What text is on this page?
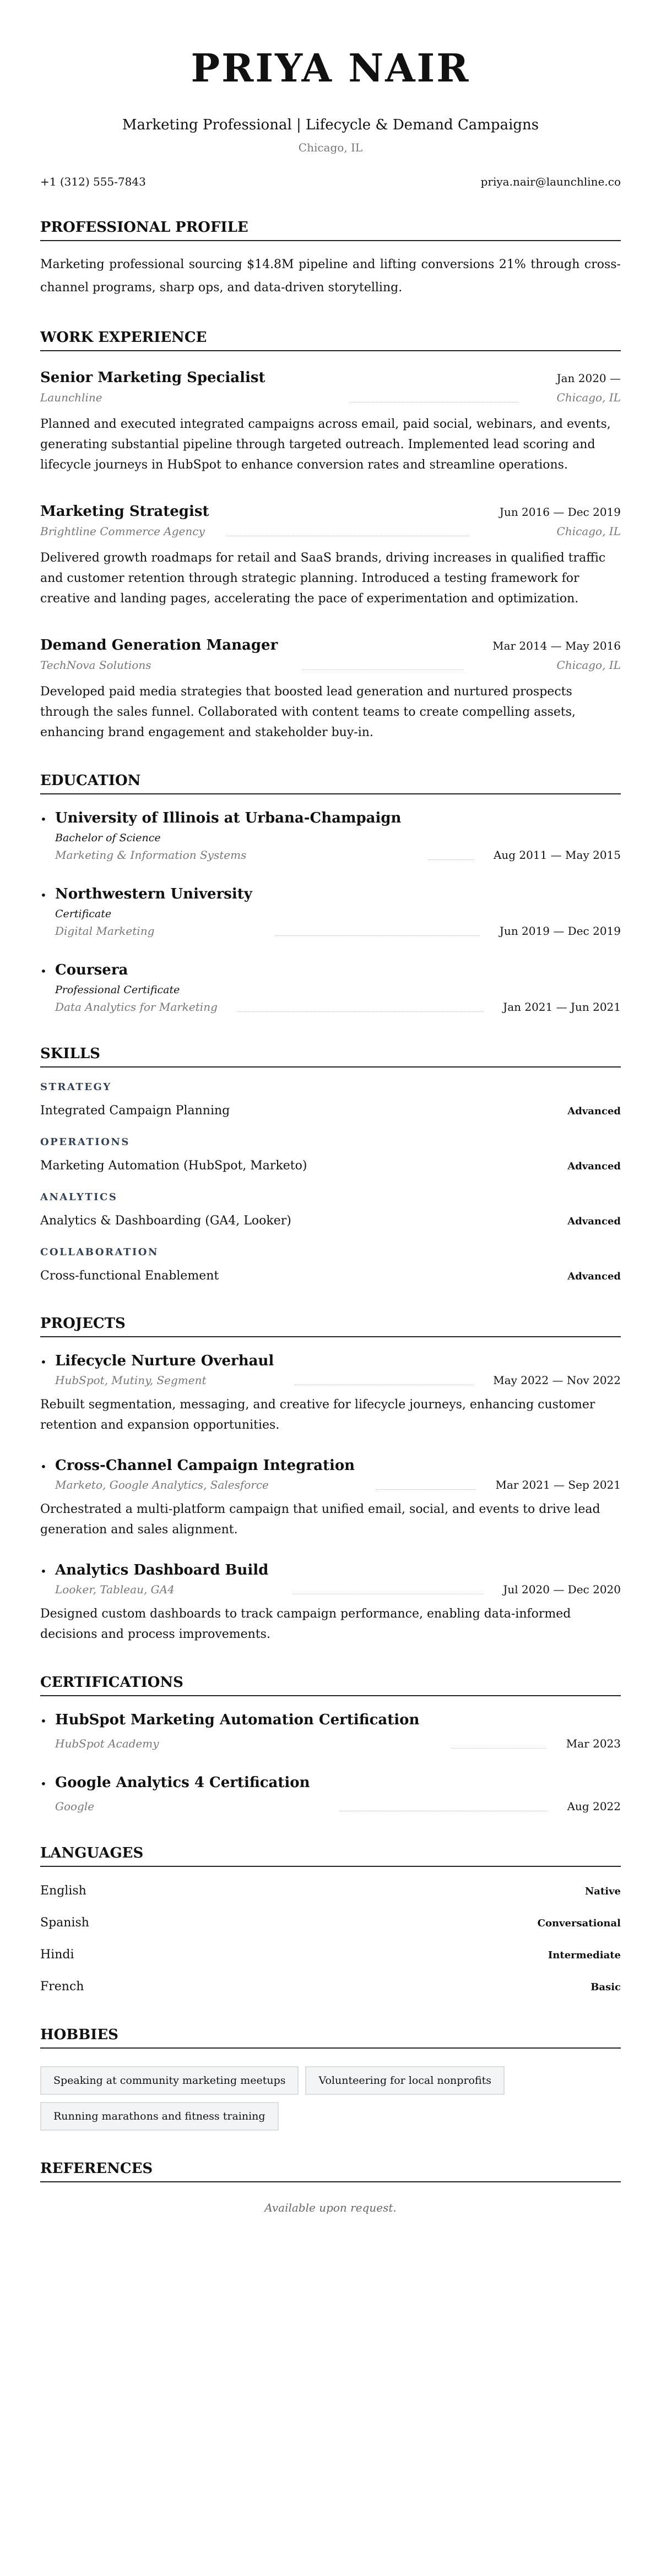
PRIYA NAIR
Marketing Professional | Lifecycle & Demand Campaigns
Chicago, IL
+1 (312) 555-7843	priya.nair@launchline.co
PROFESSIONAL PROFILE

Marketing professional sourcing $14.8M pipeline and lifting conversions 21% through cross-channel programs, sharp ops, and data-driven storytelling.

WORK EXPERIENCE
Senior Marketing Specialist	Jan 2020 —
Launchline	Chicago, IL
Planned and executed integrated campaigns across email, paid social, webinars, and events, generating substantial pipeline through targeted outreach. Implemented lead scoring and lifecycle journeys in HubSpot to enhance conversion rates and streamline operations.
Marketing Strategist	Jun 2016 — Dec 2019
Brightline Commerce Agency	Chicago, IL
Delivered growth roadmaps for retail and SaaS brands, driving increases in qualified traffic and customer retention through strategic planning. Introduced a testing framework for creative and landing pages, accelerating the pace of experimentation and optimization.
Demand Generation Manager	Mar 2014 — May 2016
TechNova Solutions	Chicago, IL
Developed paid media strategies that boosted lead generation and nurtured prospects through the sales funnel. Collaborated with content teams to create compelling assets, enhancing brand engagement and stakeholder buy-in.
EDUCATION
• University of Illinois at Urbana-Champaign
Bachelor of Science
Marketing & Information Systems	Aug 2011 — May 2015
• Northwestern University
Certificate
Digital Marketing	Jun 2019 — Dec 2019
• Coursera
Professional Certificate
Data Analytics for Marketing	Jan 2021 — Jun 2021
SKILLS
STRATEGY
Integrated Campaign Planning	Advanced
OPERATIONS
Marketing Automation (HubSpot, Marketo)	Advanced
ANALYTICS
Analytics & Dashboarding (GA4, Looker)	Advanced
COLLABORATION
Cross-functional Enablement	Advanced
PROJECTS
• Lifecycle Nurture Overhaul
HubSpot, Mutiny, Segment	May 2022 — Nov 2022
Rebuilt segmentation, messaging, and creative for lifecycle journeys, enhancing customer retention and expansion opportunities.
• Cross-Channel Campaign Integration
Marketo, Google Analytics, Salesforce	Mar 2021 — Sep 2021
Orchestrated a multi-platform campaign that unified email, social, and events to drive lead generation and sales alignment.
• Analytics Dashboard Build
Looker, Tableau, GA4	Jul 2020 — Dec 2020
Designed custom dashboards to track campaign performance, enabling data-informed decisions and process improvements.
CERTIFICATIONS
• HubSpot Marketing Automation Certification
HubSpot Academy	Mar 2023
• Google Analytics 4 Certification
Google	Aug 2022
LANGUAGES
English	Native
Spanish	Conversational
Hindi	Intermediate
French	Basic
HOBBIES
Speaking at community marketing meetups	Volunteering for local nonprofits
Running marathons and fitness training
REFERENCES
Available upon request.
